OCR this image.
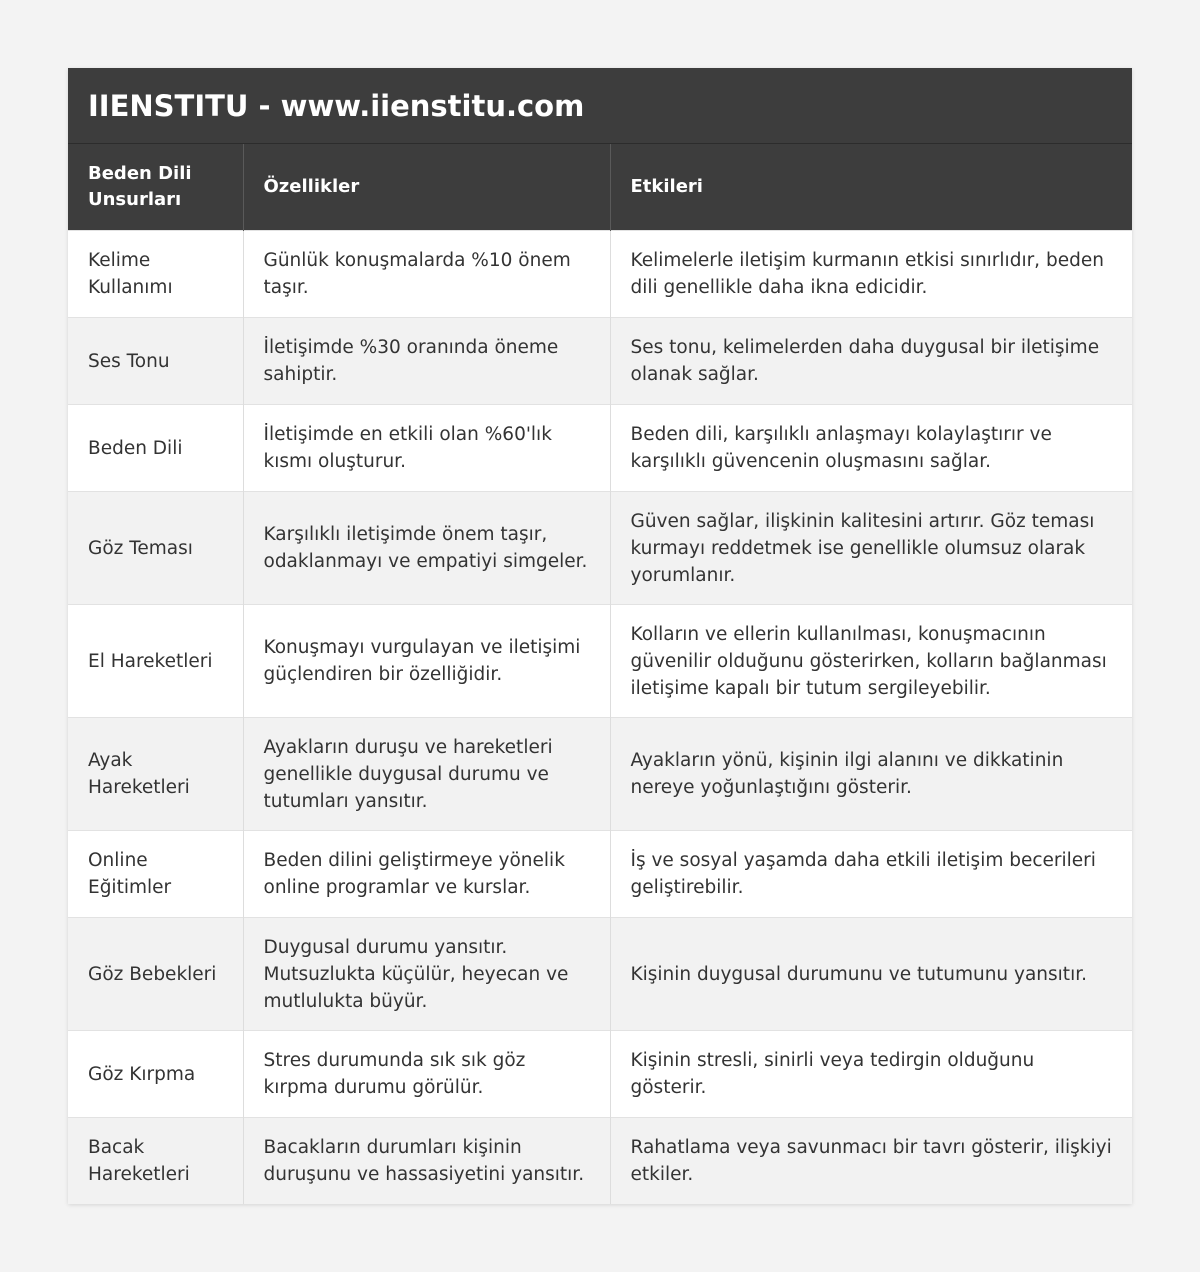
IIENSTITU - www.iienstitu.com
Beden Dili Unsurları	Özellikler	Etkileri
Kelime Kullanımı	Günlük konuşmalarda %10 önem taşır.	Kelimelerle iletişim kurmanın etkisi sınırlıdır, beden dili genellikle daha ikna edicidir.
Ses Tonu	İletişimde %30 oranında öneme sahiptir.	Ses tonu, kelimelerden daha duygusal bir iletişime olanak sağlar.
Beden Dili	İletişimde en etkili olan %60'lık kısmı oluşturur.	Beden dili, karşılıklı anlaşmayı kolaylaştırır ve karşılıklı güvencenin oluşmasını sağlar.
Göz Teması	Karşılıklı iletişimde önem taşır, odaklanmayı ve empatiyi simgeler.	Güven sağlar, ilişkinin kalitesini artırır. Göz teması kurmayı reddetmek ise genellikle olumsuz olarak yorumlanır.
El Hareketleri	Konuşmayı vurgulayan ve iletişimi güçlendiren bir özelliğidir.	Kolların ve ellerin kullanılması, konuşmacının güvenilir olduğunu gösterirken, kolların bağlanması iletişime kapalı bir tutum sergileyebilir.
Ayak Hareketleri	Ayakların duruşu ve hareketleri genellikle duygusal durumu ve tutumları yansıtır.	Ayakların yönü, kişinin ilgi alanını ve dikkatinin nereye yoğunlaştığını gösterir.
Online Eğitimler	Beden dilini geliştirmeye yönelik online programlar ve kurslar.	İş ve sosyal yaşamda daha etkili iletişim becerileri geliştirebilir.
Göz Bebekleri	Duygusal durumu yansıtır. Mutsuzlukta küçülür, heyecan ve mutlulukta büyür.	Kişinin duygusal durumunu ve tutumunu yansıtır.
Göz Kırpma	Stres durumunda sık sık göz kırpma durumu görülür.	Kişinin stresli, sinirli veya tedirgin olduğunu gösterir.
Bacak Hareketleri	Bacakların durumları kişinin duruşunu ve hassasiyetini yansıtır.	Rahatlama veya savunmacı bir tavrı gösterir, ilişkiyi etkiler.
